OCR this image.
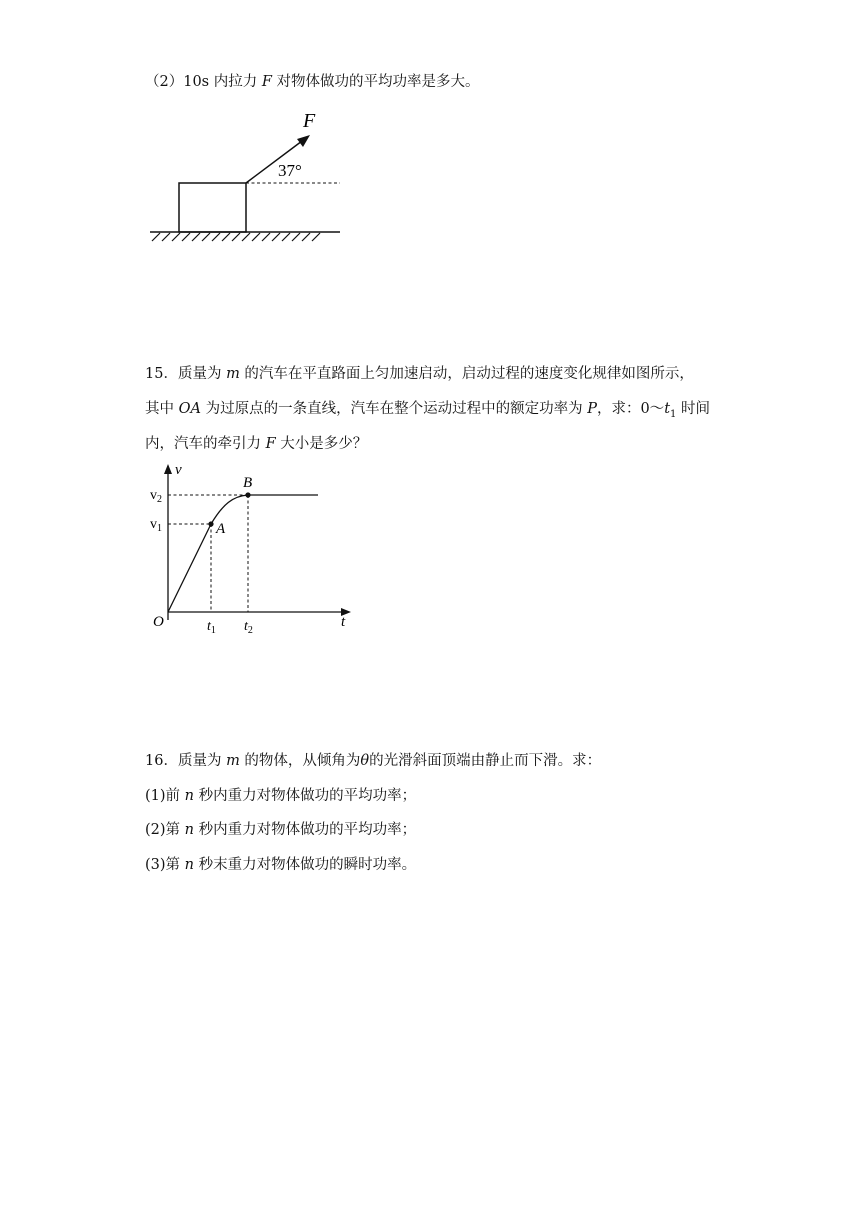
（2）10s 内拉力 F 对物体做功的平均功率是多大。
F
37°
15．质量为 m 的汽车在平直路面上匀加速启动，启动过程的速度变化规律如图所示，
其中 OA 为过原点的一条直线，汽车在整个运动过程中的额定功率为 P，求：$0\sim t_1$ 时间
内，汽车的牵引力 F 大小是多少？
v
t
O
A
B
$v_2$
$v_1$
$t_1$ $t_2$
16．质量为 m 的物体，从倾角为θ的光滑斜面顶端由静止而下滑。求：
(1)前 n 秒内重力对物体做功的平均功率；
(2)第 n 秒内重力对物体做功的平均功率；
(3)第 n 秒末重力对物体做功的瞬时功率。
